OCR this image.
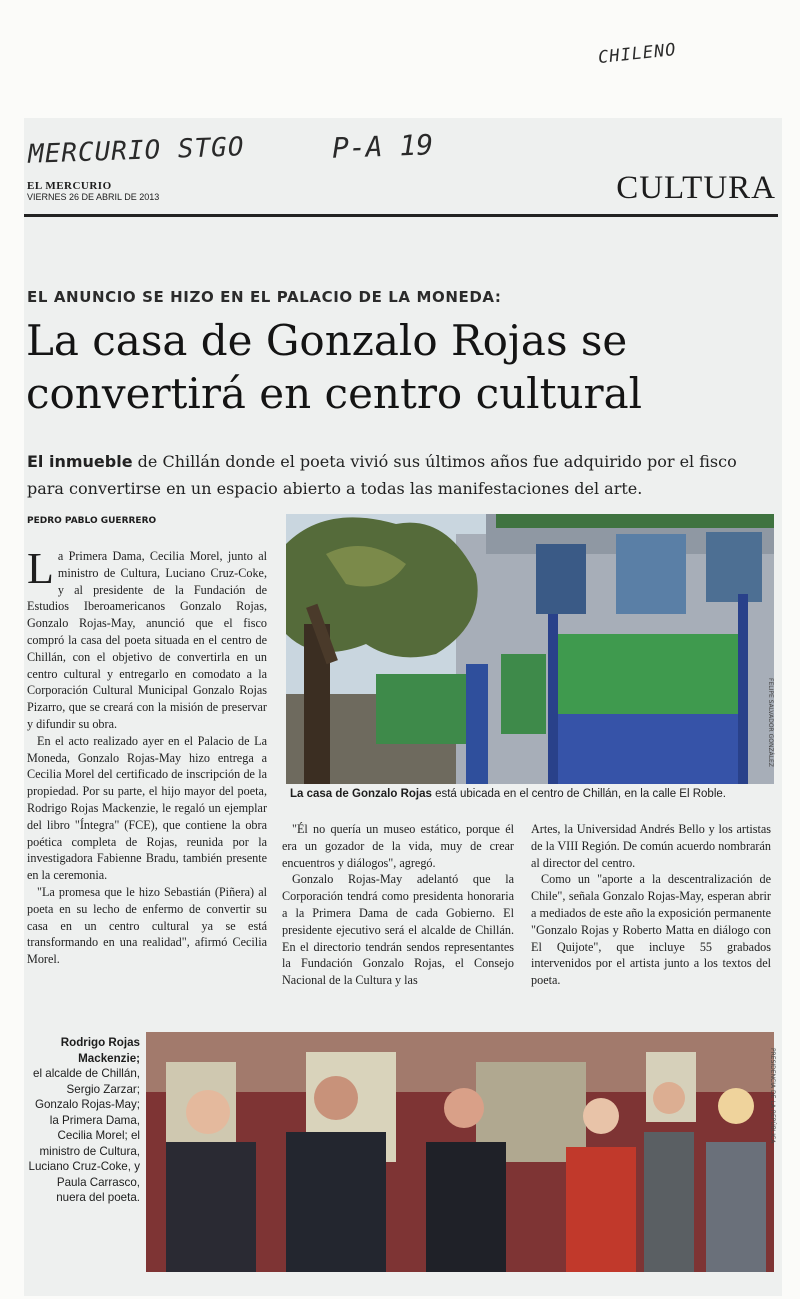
CHILENO
MERCURIO STGO	P-A 19
EL MERCURIO
VIERNES 26 DE ABRIL DE 2013	CULTURA
EL ANUNCIO SE HIZO EN EL PALACIO DE LA MONEDA:
La casa de Gonzalo Rojas se convertirá en centro cultural
El inmueble de Chillán donde el poeta vivió sus últimos años fue adquirido por el fisco para convertirse en un espacio abierto a todas las manifestaciones del arte.
PEDRO PABLO GUERRERO

La Primera Dama, Cecilia Morel, junto al ministro de Cultura, Luciano Cruz-Coke, y al presidente de la Fundación de Estudios Iberoamericanos Gonzalo Rojas, Gonzalo Rojas-May, anunció que el fisco compró la casa del poeta situada en el centro de Chillán, con el objetivo de convertirla en un centro cultural y entregarlo en comodato a la Corporación Cultural Municipal Gonzalo Rojas Pizarro, que se creará con la misión de preservar y difundir su obra.

En el acto realizado ayer en el Palacio de La Moneda, Gonzalo Rojas-May hizo entrega a Cecilia Morel del certificado de inscripción de la propiedad. Por su parte, el hijo mayor del poeta, Rodrigo Rojas Mackenzie, le regaló un ejemplar del libro "Íntegra" (FCE), que contiene la obra poética completa de Rojas, reunida por la investigadora Fabienne Bradu, también presente en la ceremonia.

"La promesa que le hizo Sebastián (Piñera) al poeta en su lecho de enfermo de convertir su casa en un centro cultural ya se está transformando en una realidad", afirmó Cecilia Morel.

La casa de Gonzalo Rojas está ubicada en el centro de Chillán, en la calle El Roble.
FELIPE SALVADOR GONZÁLEZ

"Él no quería un museo estático, porque él era un gozador de la vida, muy de crear encuentros y diálogos", agregó.

Gonzalo Rojas-May adelantó que la Corporación tendrá como presidenta honoraria a la Primera Dama de cada Gobierno. El presidente ejecutivo será el alcalde de Chillán. En el directorio tendrán sendos representantes la Fundación Gonzalo Rojas, el Consejo Nacional de la Cultura y las

Artes, la Universidad Andrés Bello y los artistas de la VIII Región. De común acuerdo nombrarán al director del centro.

Como un "aporte a la descentralización de Chile", señala Gonzalo Rojas-May, esperan abrir a mediados de este año la exposición permanente "Gonzalo Rojas y Roberto Matta en diálogo con El Quijote", que incluye 55 grabados intervenidos por el artista junto a los textos del poeta.

Rodrigo Rojas Mackenzie;
el alcalde de Chillán, Sergio Zarzar; Gonzalo Rojas-May; la Primera Dama, Cecilia Morel; el ministro de Cultura, Luciano Cruz-Coke, y Paula Carrasco, nuera del poeta.
PRESIDENCIA DE LA REPÚBLICA
